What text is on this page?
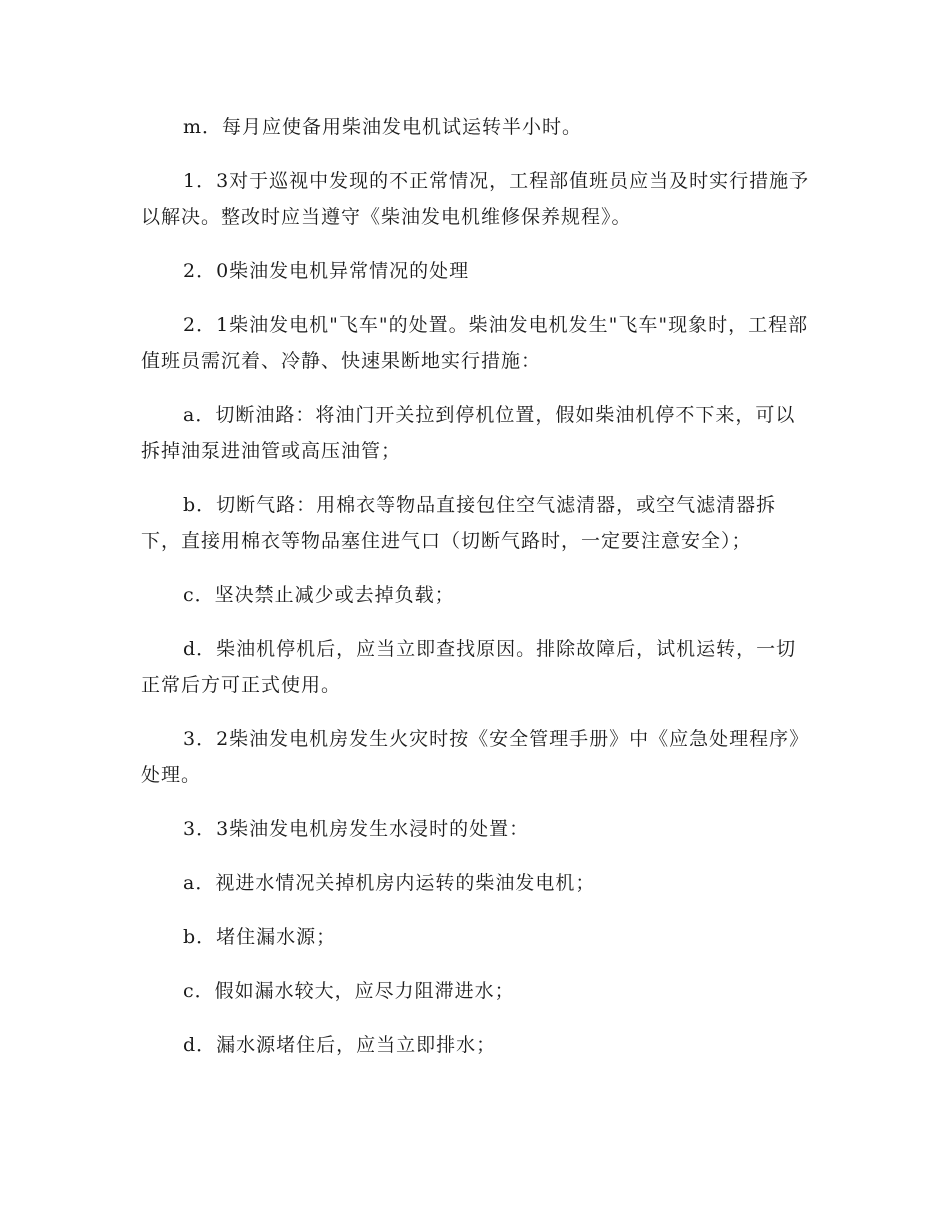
m．每月应使备用柴油发电机试运转半小时。

1．3对于巡视中发现的不正常情况，工程部值班员应当及时实行措施予以解决。整改时应当遵守《柴油发电机维修保养规程》。

2．0柴油发电机异常情况的处理

2．1柴油发电机"飞车"的处置。柴油发电机发生"飞车"现象时，工程部值班员需沉着、冷静、快速果断地实行措施：

a．切断油路：将油门开关拉到停机位置，假如柴油机停不下来，可以拆掉油泵进油管或高压油管；

b．切断气路：用棉衣等物品直接包住空气滤清器，或空气滤清器拆下，直接用棉衣等物品塞住进气口（切断气路时，一定要注意安全）；

c．坚决禁止减少或去掉负载；

d．柴油机停机后，应当立即查找原因。排除故障后，试机运转，一切正常后方可正式使用。

3．2柴油发电机房发生火灾时按《安全管理手册》中《应急处理程序》处理。

3．3柴油发电机房发生水浸时的处置：

a．视进水情况关掉机房内运转的柴油发电机；

b．堵住漏水源；

c．假如漏水较大，应尽力阻滞进水；

d．漏水源堵住后，应当立即排水；
